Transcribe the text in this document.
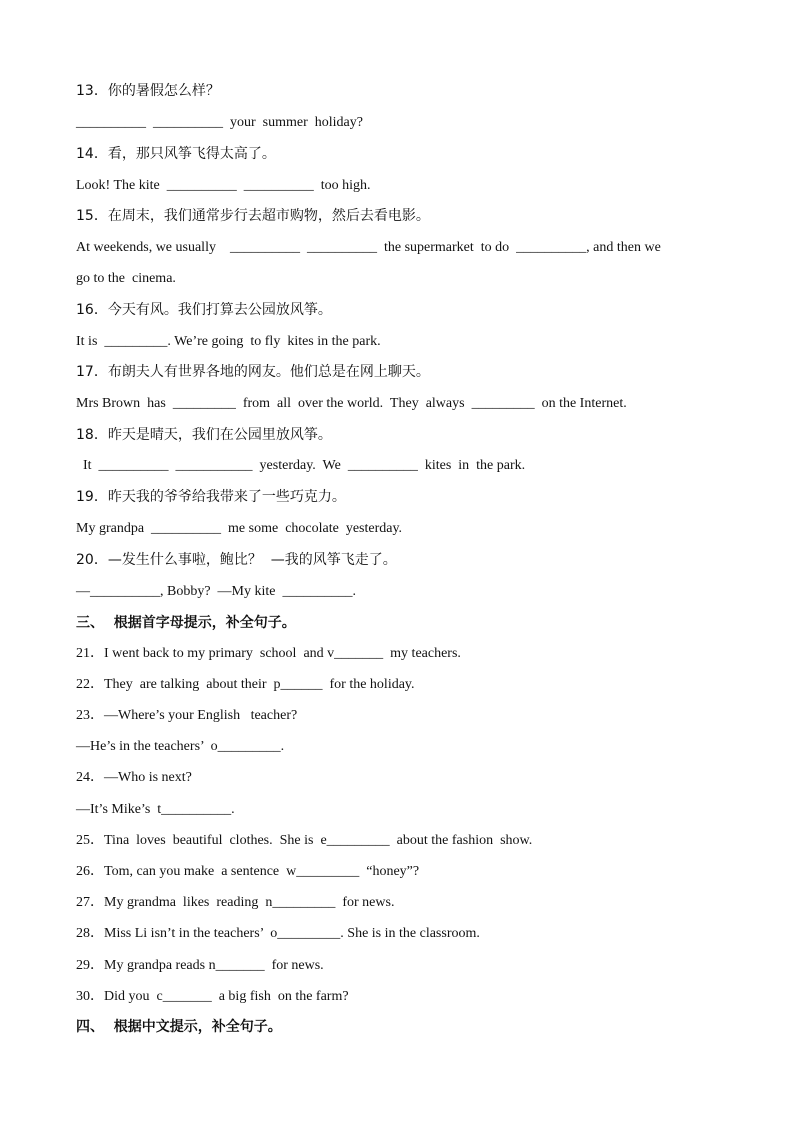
13．你的暑假怎么样？
__________  __________  your  summer  holiday?
14．看，那只风筝飞得太高了。
Look! The kite  __________  __________  too high.
15．在周末，我们通常步行去超市购物，然后去看电影。
At weekends, we usually    __________  __________  the supermarket  to do  __________, and then we
go to the  cinema.
16．今天有风。我们打算去公园放风筝。
It is  _________. We’re going  to fly  kites in the park.
17．布朗夫人有世界各地的网友。他们总是在网上聊天。
Mrs Brown  has  _________  from  all  over the world.  They  always  _________  on the Internet.
18．昨天是晴天，我们在公园里放风筝。
It  __________  ___________  yesterday.  We  __________  kites  in  the park.
19．昨天我的爷爷给我带来了一些巧克力。
My grandpa  __________  me some  chocolate  yesterday.
20．—发生什么事啦，鲍比？  —我的风筝飞走了。
—__________, Bobby?  —My kite  __________.
三、  根据首字母提示，补全句子。
21．I went back to my primary  school  and v_______  my teachers.
22．They  are talking  about their  p______  for the holiday.
23．—Where’s your English   teacher?
—He’s in the teachers’  o_________.
24．—Who is next?
—It’s Mike’s  t__________.
25．Tina  loves  beautiful  clothes.  She is  e_________  about the fashion  show.
26．Tom, can you make  a sentence  w_________  “honey”?
27．My grandma  likes  reading  n_________  for news.
28．Miss Li isn’t in the teachers’  o_________. She is in the classroom.
29．My grandpa reads n_______  for news.
30．Did you  c_______  a big fish  on the farm?
四、  根据中文提示，补全句子。
